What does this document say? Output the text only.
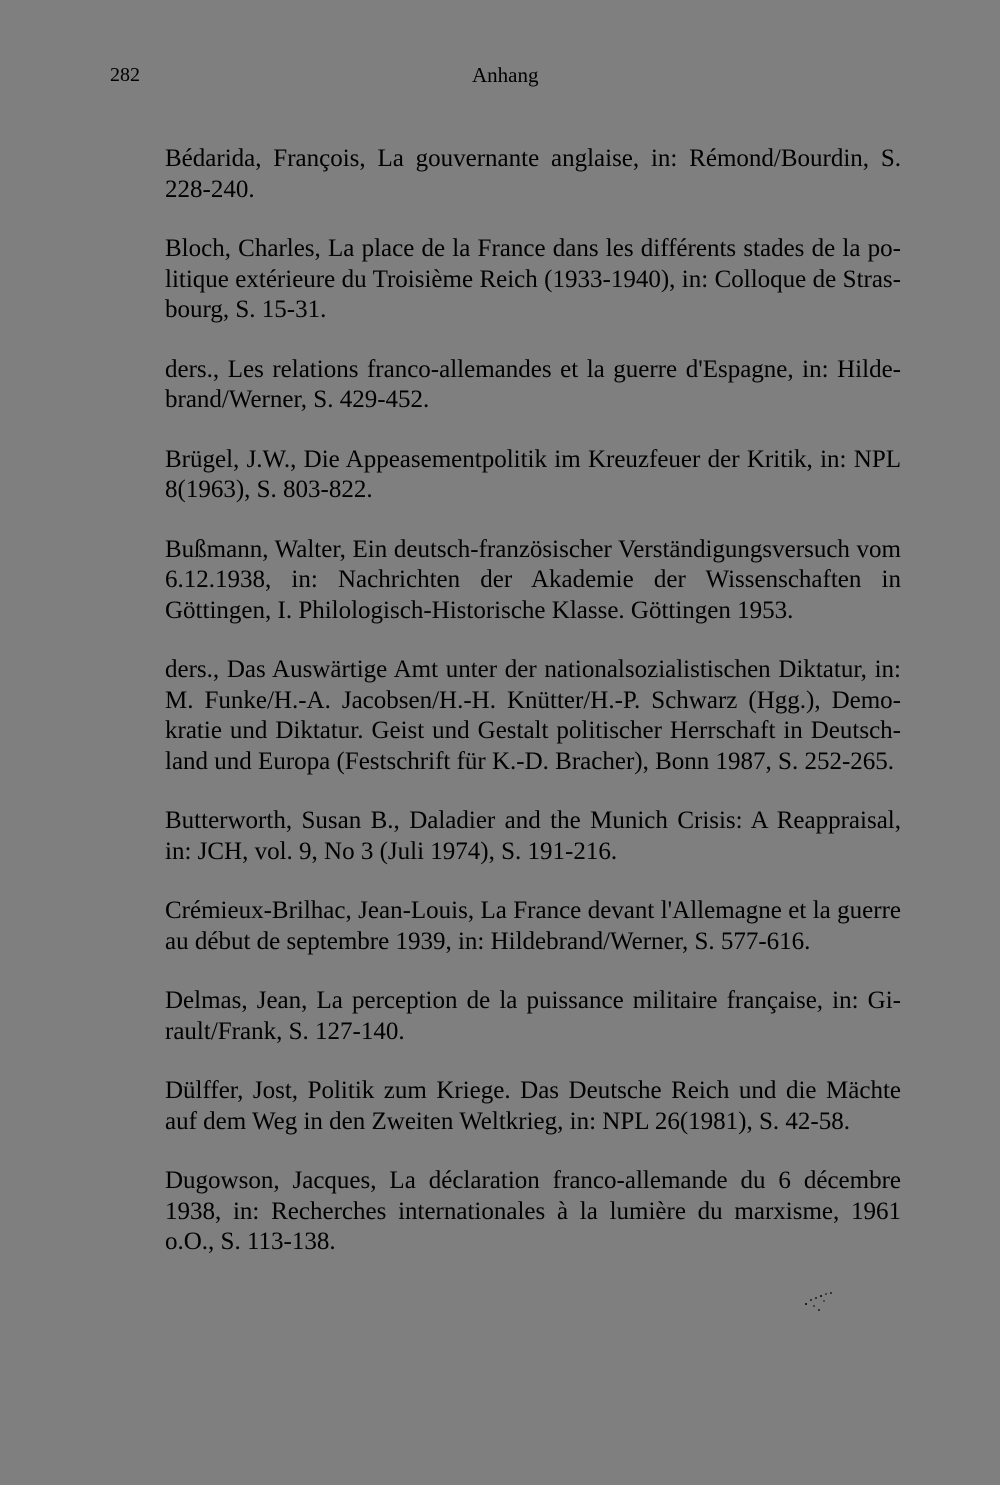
282	Anhang

Bédarida, François, La gouvernante anglaise, in: Rémond/Bourdin, S. 228-240.

Bloch, Charles, La place de la France dans les différents stades de la politique extérieure du Troisième Reich (1933-1940), in: Colloque de Strasbourg, S. 15-31.

ders., Les relations franco-allemandes et la guerre d'Espagne, in: Hildebrand/Werner, S. 429-452.

Brügel, J.W., Die Appeasementpolitik im Kreuzfeuer der Kritik, in: NPL 8(1963), S. 803-822.

Bußmann, Walter, Ein deutsch-französischer Verständigungsversuch vom 6.12.1938, in: Nachrichten der Akademie der Wissenschaften in Göttingen, I. Philologisch-Historische Klasse. Göttingen 1953.

ders., Das Auswärtige Amt unter der nationalsozialistischen Diktatur, in: M. Funke/H.-A. Jacobsen/H.-H. Knütter/H.-P. Schwarz (Hgg.), Demokratie und Diktatur. Geist und Gestalt politischer Herrschaft in Deutschland und Europa (Festschrift für K.-D. Bracher), Bonn 1987, S. 252-265.

Butterworth, Susan B., Daladier and the Munich Crisis: A Reappraisal, in: JCH, vol. 9, No 3 (Juli 1974), S. 191-216.

Crémieux-Brilhac, Jean-Louis, La France devant l'Allemagne et la guerre au début de septembre 1939, in: Hildebrand/Werner, S. 577-616.

Delmas, Jean, La perception de la puissance militaire française, in: Girault/Frank, S. 127-140.

Dülffer, Jost, Politik zum Kriege. Das Deutsche Reich und die Mächte auf dem Weg in den Zweiten Weltkrieg, in: NPL 26(1981), S. 42-58.

Dugowson, Jacques, La déclaration franco-allemande du 6 décembre 1938, in: Recherches internationales à la lumière du marxisme, 1961 o.O., S. 113-138.
